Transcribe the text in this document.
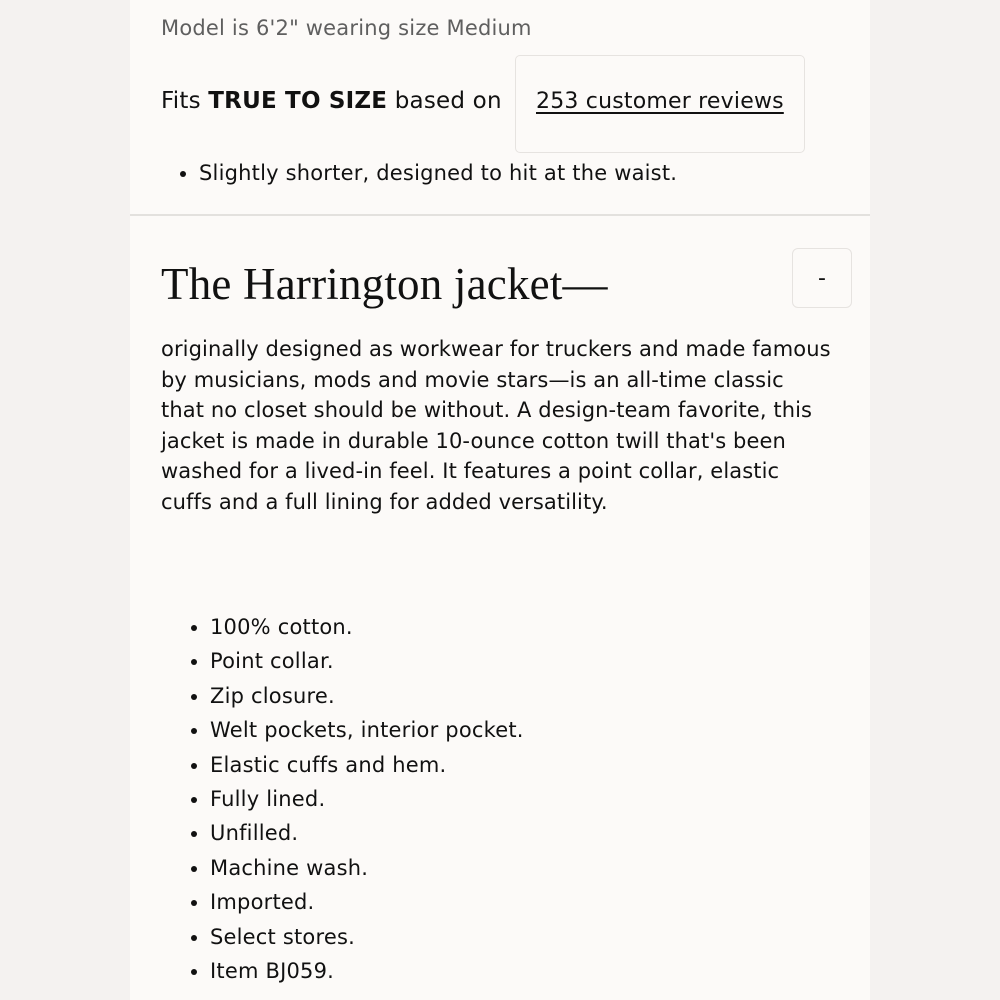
Model is 6'2" wearing size Medium
Fits TRUE TO SIZE based on 253 customer reviews
• Slightly shorter, designed to hit at the waist.
The Harrington jacket—	-

originally designed as workwear for truckers and made famous by musicians, mods and movie stars—is an all-time classic that no closet should be without. A design-team favorite, this jacket is made in durable 10-ounce cotton twill that's been washed for a lived-in feel. It features a point collar, elastic cuffs and a full lining for added versatility.

• 100% cotton.
• Point collar.
• Zip closure.
• Welt pockets, interior pocket.
• Elastic cuffs and hem.
• Fully lined.
• Unfilled.
• Machine wash.
• Imported.
• Select stores.
• Item BJ059.
